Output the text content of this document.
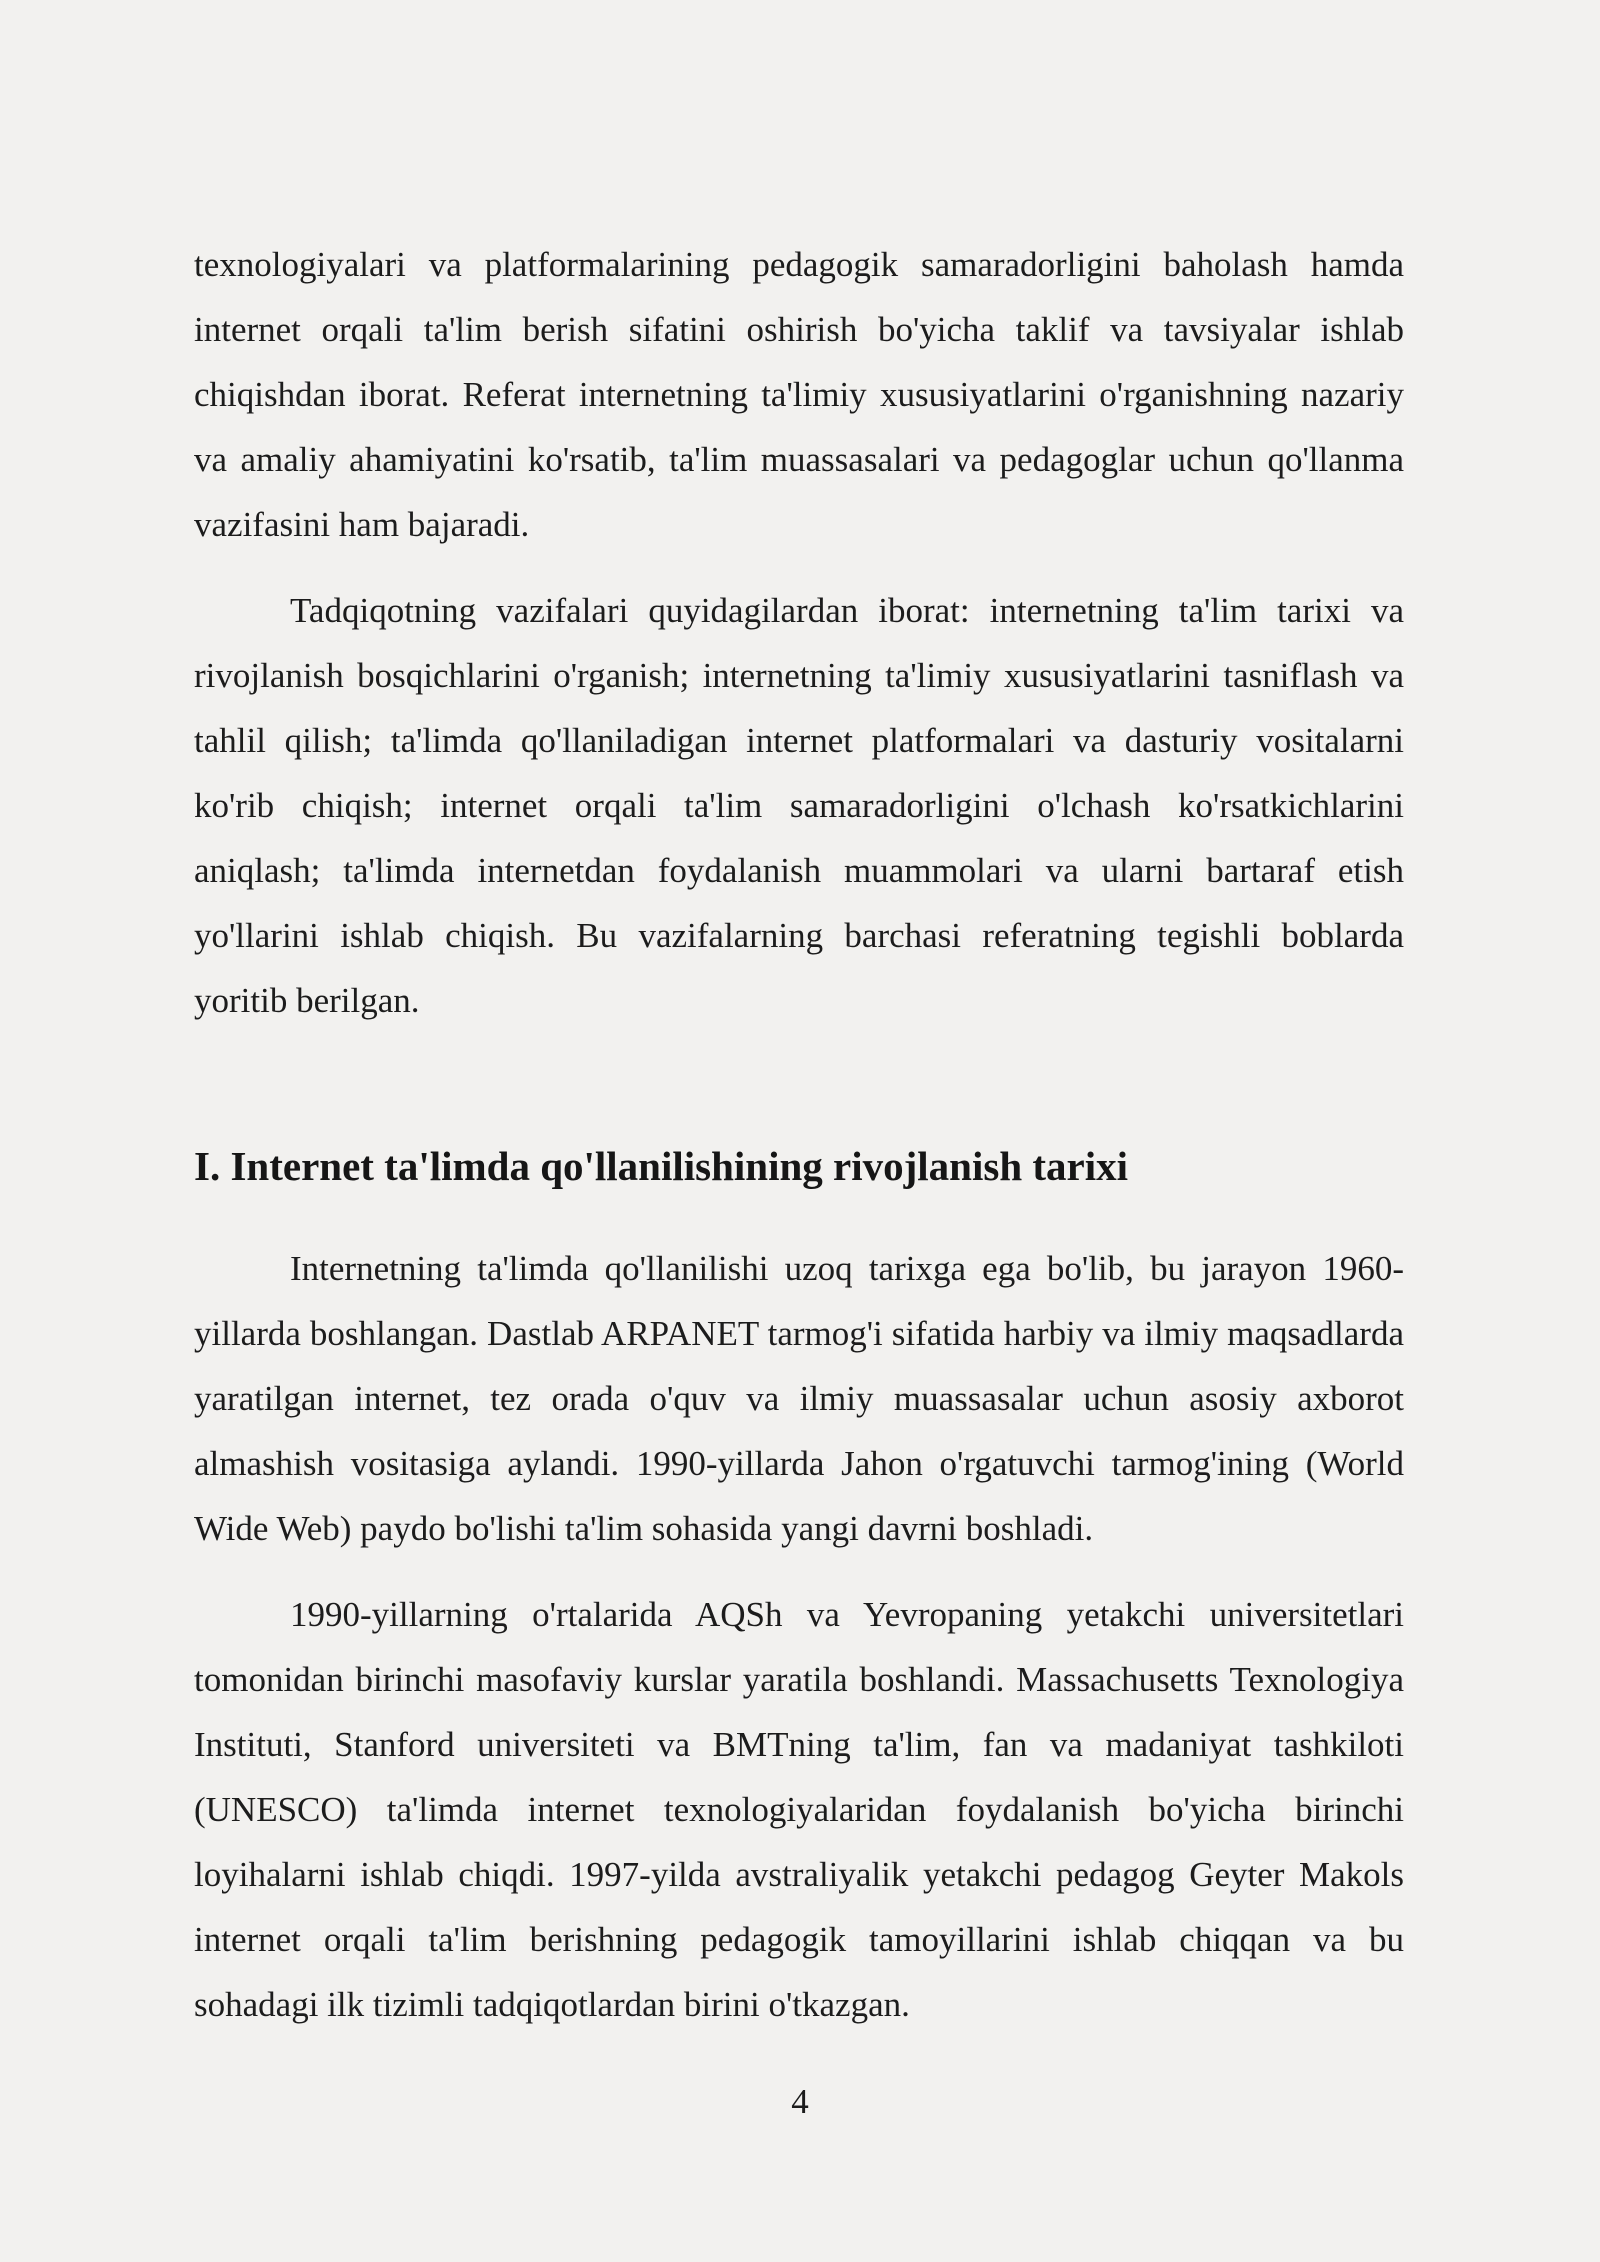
texnologiyalari va platformalarining pedagogik samaradorligini baholash hamda internet orqali ta'lim berish sifatini oshirish bo'yicha taklif va tavsiyalar ishlab chiqishdan iborat. Referat internetning ta'limiy xususiyatlarini o'rganishning nazariy va amaliy ahamiyatini ko'rsatib, ta'lim muassasalari va pedagoglar uchun qo'llanma vazifasini ham bajaradi.

Tadqiqotning vazifalari quyidagilardan iborat: internetning ta'lim tarixi va rivojlanish bosqichlarini o'rganish; internetning ta'limiy xususiyatlarini tasniflash va tahlil qilish; ta'limda qo'llaniladigan internet platformalari va dasturiy vositalarni ko'rib chiqish; internet orqali ta'lim samaradorligini o'lchash ko'rsatkichlarini aniqlash; ta'limda internetdan foydalanish muammolari va ularni bartaraf etish yo'llarini ishlab chiqish. Bu vazifalarning barchasi referatning tegishli boblarda yoritib berilgan.

I. Internet ta'limda qo'llanilishining rivojlanish tarixi

Internetning ta'limda qo'llanilishi uzoq tarixga ega bo'lib, bu jarayon 1960-yillarda boshlangan. Dastlab ARPANET tarmog'i sifatida harbiy va ilmiy maqsadlarda yaratilgan internet, tez orada o'quv va ilmiy muassasalar uchun asosiy axborot almashish vositasiga aylandi. 1990-yillarda Jahon o'rgatuvchi tarmog'ining (World Wide Web) paydo bo'lishi ta'lim sohasida yangi davrni boshladi.

1990-yillarning o'rtalarida AQSh va Yevropaning yetakchi universitetlari tomonidan birinchi masofaviy kurslar yaratila boshlandi. Massachusetts Texnologiya Instituti, Stanford universiteti va BMTning ta'lim, fan va madaniyat tashkiloti (UNESCO) ta'limda internet texnologiyalaridan foydalanish bo'yicha birinchi loyihalarni ishlab chiqdi. 1997-yilda avstraliyalik yetakchi pedagog Geyter Makols internet orqali ta'lim berishning pedagogik tamoyillarini ishlab chiqqan va bu sohadagi ilk tizimli tadqiqotlardan birini o'tkazgan.

4
